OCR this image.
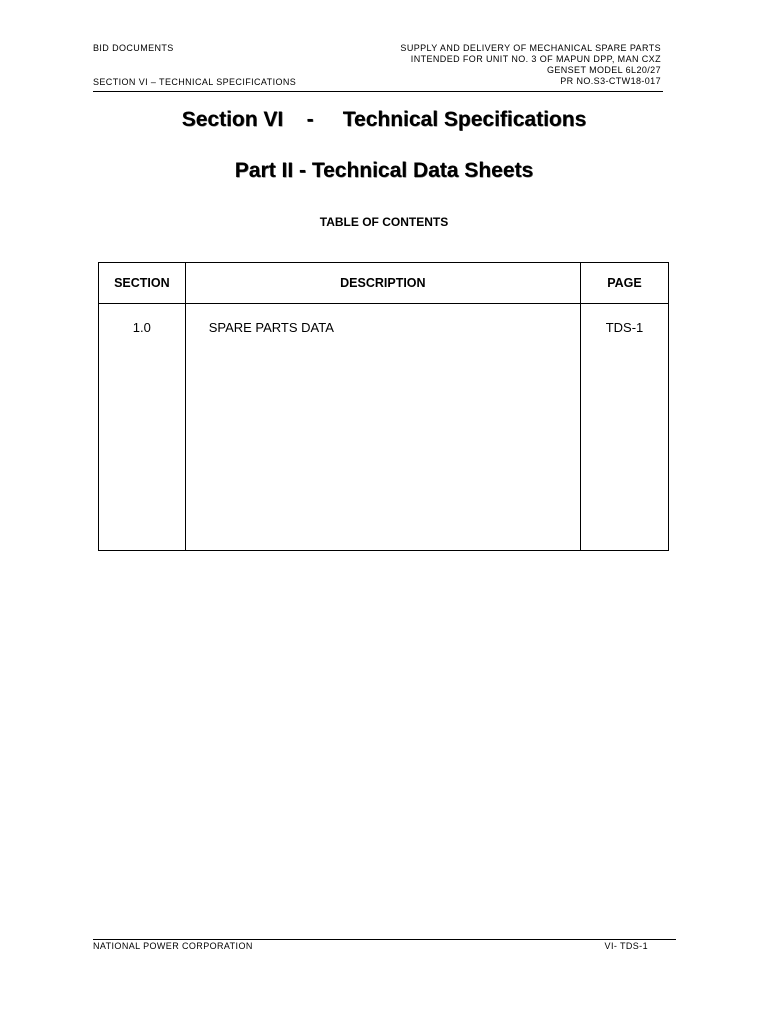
BID DOCUMENTS
SECTION VI – TECHNICAL SPECIFICATIONS
SUPPLY AND DELIVERY OF MECHANICAL SPARE PARTS
INTENDED FOR UNIT NO. 3 OF MAPUN DPP, MAN CXZ
GENSET MODEL 6L20/27
PR NO.S3-CTW18-017
Section VI    -     Technical Specifications
Part II - Technical Data Sheets
TABLE OF CONTENTS
SECTION	DESCRIPTION	PAGE
1.0	SPARE PARTS DATA	TDS-1
NATIONAL POWER CORPORATION	VI- TDS-1
